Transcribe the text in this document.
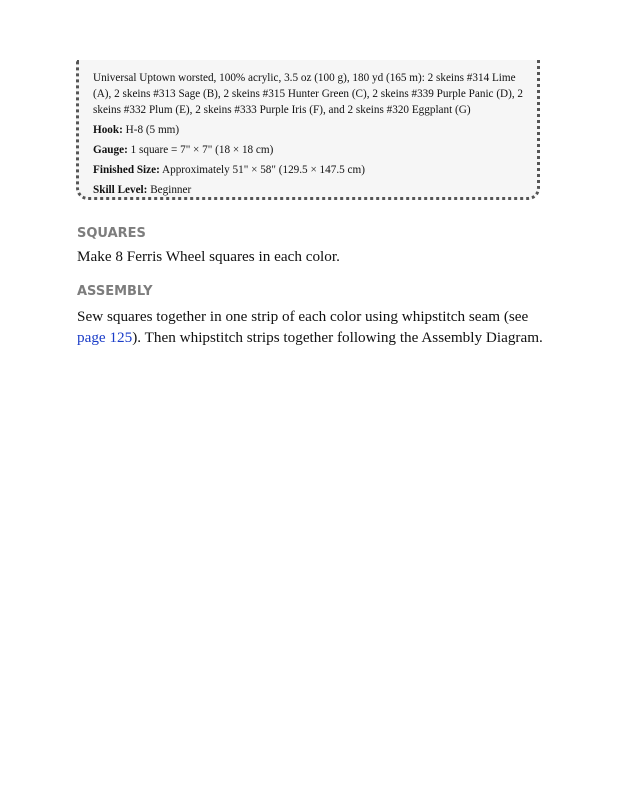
Universal Uptown worsted, 100% acrylic, 3.5 oz (100 g), 180 yd (165 m): 2 skeins #314 Lime (A), 2 skeins #313 Sage (B), 2 skeins #315 Hunter Green (C), 2 skeins #339 Purple Panic (D), 2 skeins #332 Plum (E), 2 skeins #333 Purple Iris (F), and 2 skeins #320 Eggplant (G)

Hook: H-8 (5 mm)

Gauge: 1 square = 7" × 7" (18 × 18 cm)

Finished Size: Approximately 51" × 58" (129.5 × 147.5 cm)

Skill Level: Beginner

SQUARES

Make 8 Ferris Wheel squares in each color.

ASSEMBLY

Sew squares together in one strip of each color using whipstitch seam (see page 125). Then whipstitch strips together following the Assembly Diagram.
